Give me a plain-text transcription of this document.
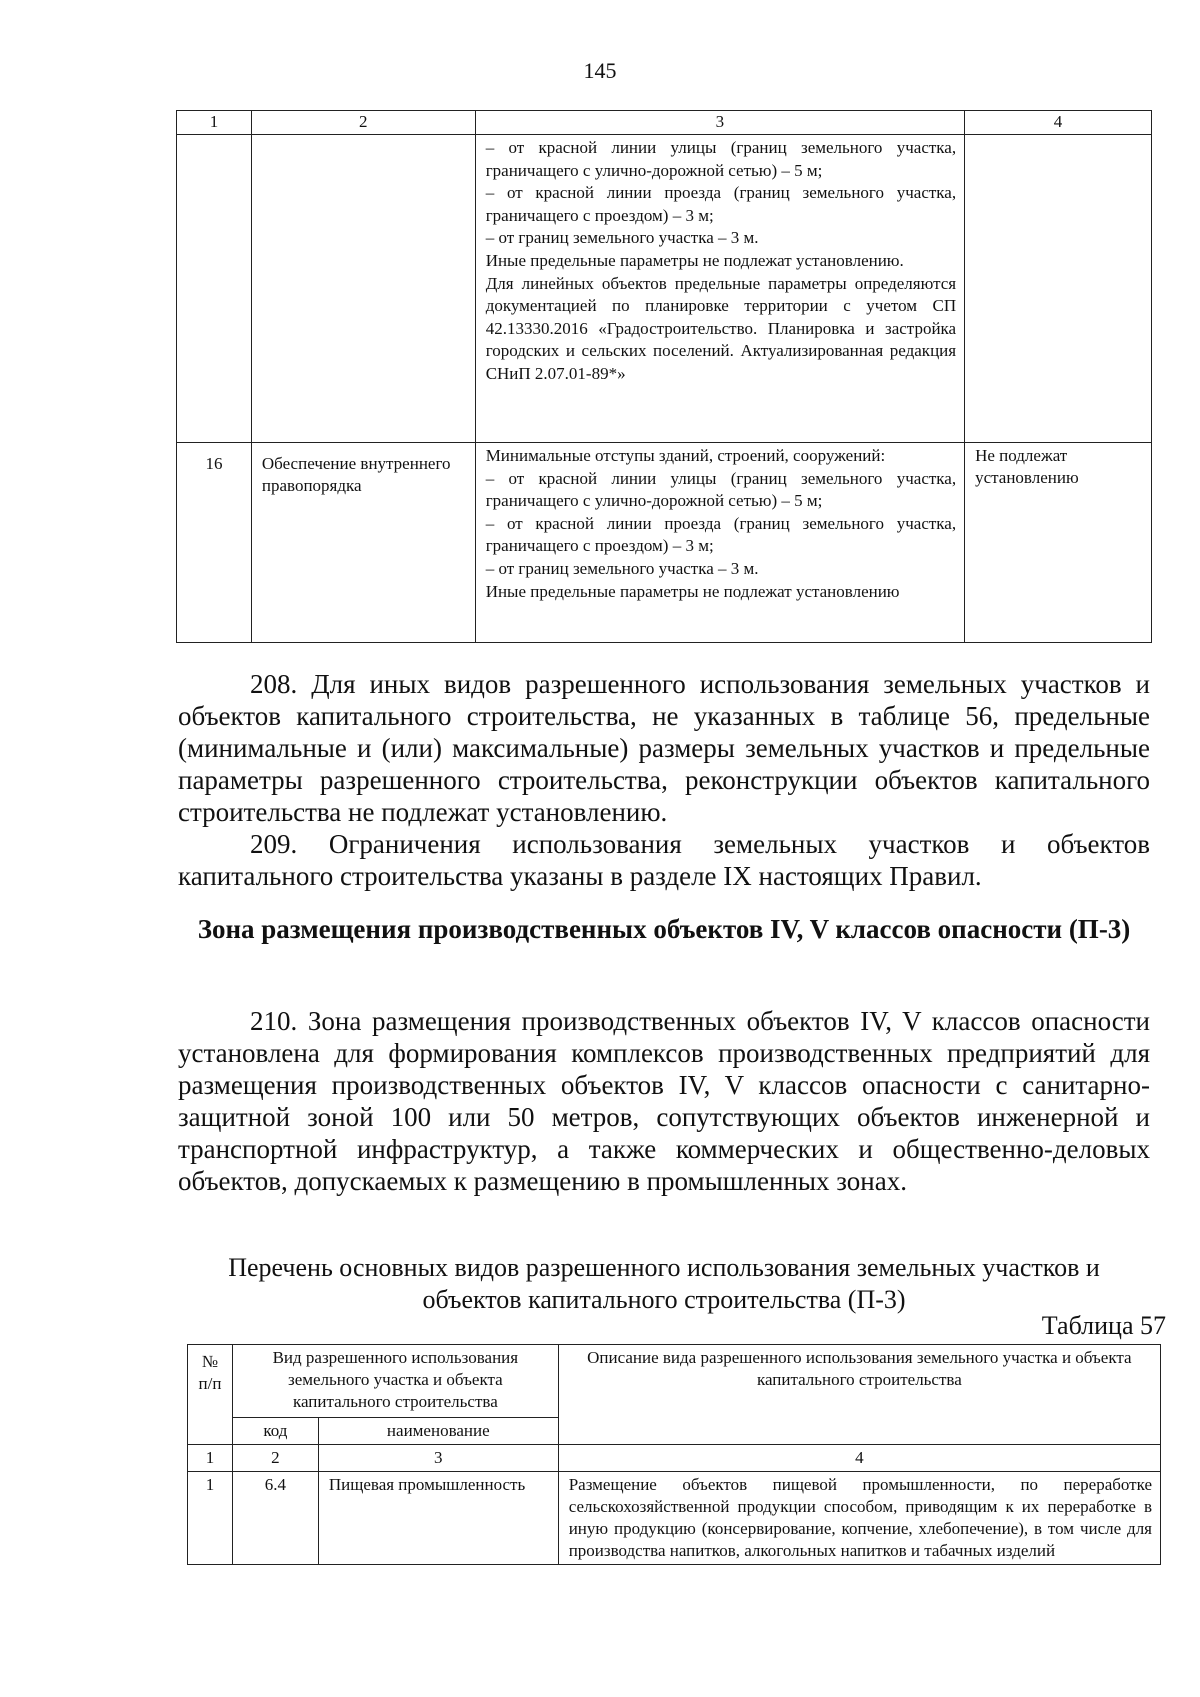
145
1	2	3	4

		– от красной линии улицы (границ земельного участка, граничащего с улично-дорожной сетью) – 5 м;
– от красной линии проезда (границ земельного участка, граничащего с проездом) – 3 м;
– от границ земельного участка – 3 м.
Иные предельные параметры не подлежат установлению.
Для линейных объектов предельные параметры определяются документацией по планировке территории с учетом СП 42.13330.2016 «Градостроительство. Планировка и застройка городских и сельских поселений. Актуализированная редакция СНиП 2.07.01-89*»	

16	Обеспечение внутреннего правопорядка	Минимальные отступы зданий, строений, сооружений:
– от красной линии улицы (границ земельного участка, граничащего с улично-дорожной сетью) – 5 м;
– от красной линии проезда (границ земельного участка, граничащего с проездом) – 3 м;
– от границ земельного участка – 3 м.
Иные предельные параметры не подлежат установлению	Не подлежат установлению

208. Для иных видов разрешенного использования земельных участков и объектов капитального строительства, не указанных в таблице 56, предельные (минимальные и (или) максимальные) размеры земельных участков и предельные параметры разрешенного строительства, реконструкции объектов капитального строительства не подлежат установлению.

209. Ограничения использования земельных участков и объектов капитального строительства указаны в разделе IX настоящих Правил.

Зона размещения производственных объектов IV, V классов опасности (П-3)

210. Зона размещения производственных объектов IV, V классов опасности установлена для формирования комплексов производственных предприятий для размещения производственных объектов IV, V классов опасности с санитарно-защитной зоной 100 или 50 метров, сопутствующих объектов инженерной и транспортной инфраструктур, а также коммерческих и общественно-деловых объектов, допускаемых к размещению в промышленных зонах.

Перечень основных видов разрешенного использования земельных участков и объектов капитального строительства (П-3)

Таблица 57
№ п/п	Вид разрешенного использования земельного участка и объекта капитального строительства		Описание вида разрешенного использования земельного участка и объекта капитального строительства
	код	наименование	
1	2	3	4
1	6.4	Пищевая промышленность	Размещение объектов пищевой промышленности, по переработке сельскохозяйственной продукции способом, приводящим к их переработке в иную продукцию (консервирование, копчение, хлебопечение), в том числе для производства напитков, алкогольных напитков и табачных изделий
